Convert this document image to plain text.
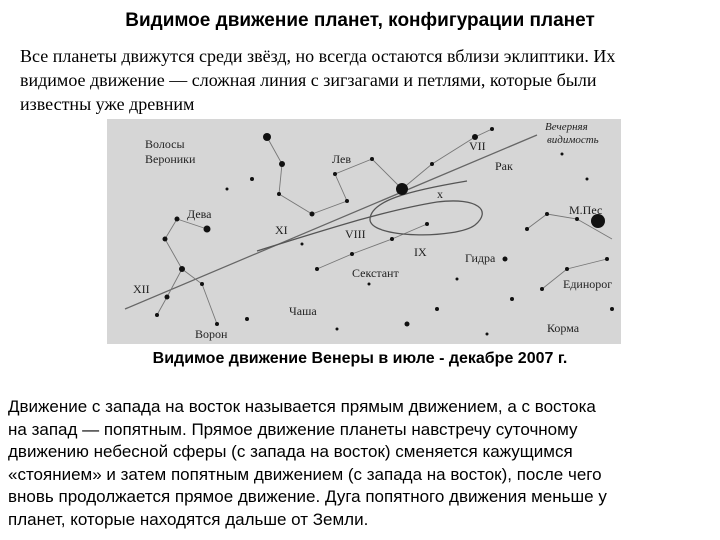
Видимое движение планет, конфигурации планет
Все планеты движутся среди звёзд, но всегда остаются вблизи эклиптики. Их
видимое движение — сложная линия с зигзагами и петлями, которые были
известны уже древним
Волосы
Вероники	Лев
Вечерняя
видимость
VII
Рак
x
М.Пес
Дева
XI	VIII
IX	Гидра
Секстант
Единорог
XII
Чаша
Корма
Ворон
Видимое движение Венеры в июле - декабре 2007 г.
Движение с запада на восток называется прямым движением, а с востока
на запад — попятным. Прямое движение планеты навстречу суточному
движению небесной сферы (с запада на восток) сменяется кажущимся
«стоянием» и затем попятным движением (с запада на восток), после чего
вновь продолжается прямое движение. Дуга попятного движения меньше у
планет, которые находятся дальше от Земли.
